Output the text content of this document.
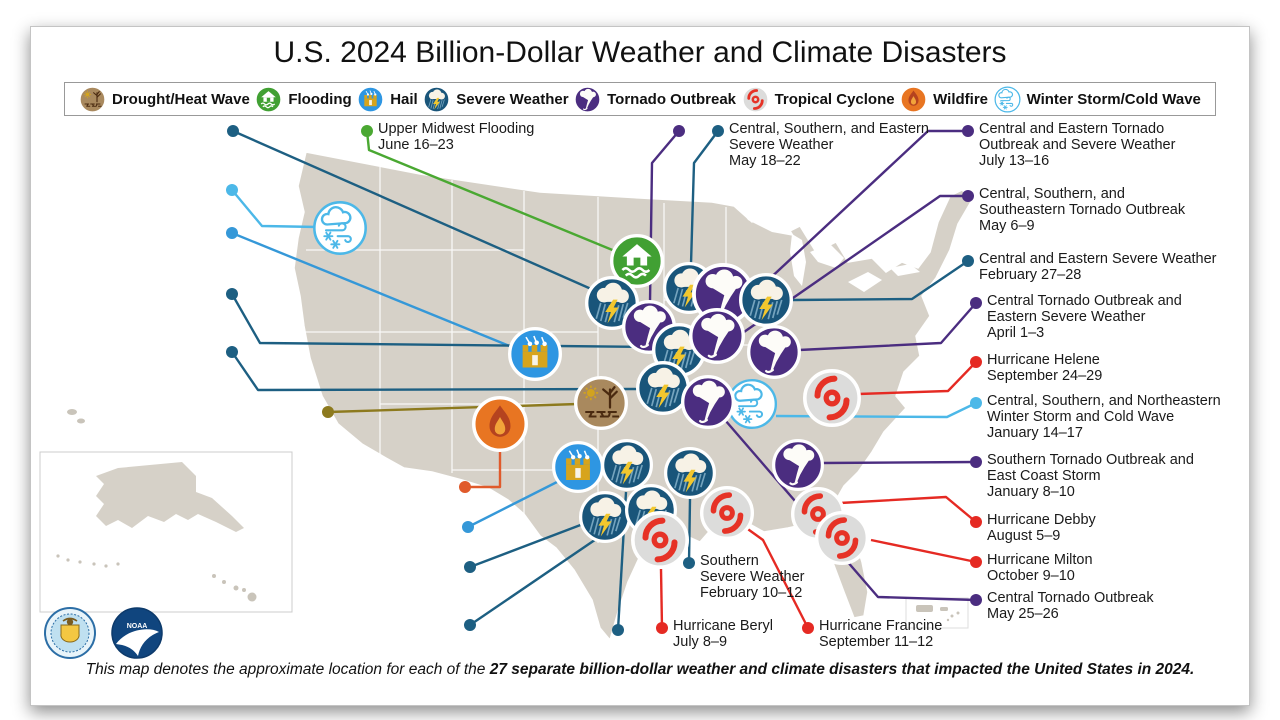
U.S. 2024 Billion-Dollar Weather and Climate Disasters
Drought/Heat Wave	Flooding	Hail	Severe Weather	Tornado Outbreak	Tropical Cyclone	Wildfire	Winter Storm/Cold Wave
NOAA
Southern
Severe Weather
February 10–12
Hurricane Beryl
July 8–9
Hurricane Francine
September 11–12
Upper Midwest Flooding
June 16–23
Central, Southern, and Eastern
Severe Weather
May 18–22
Central and Eastern Tornado
Outbreak and Severe Weather
July 13–16
Central, Southern, and
Southeastern Tornado Outbreak
May 6–9
Central and Eastern Severe Weather
February 27–28
Central Tornado Outbreak and
Eastern Severe Weather
April 1–3
Hurricane Helene
September 24–29
Central, Southern, and Northeastern
Winter Storm and Cold Wave
January 14–17
Southern Tornado Outbreak and
East Coast Storm
January 8–10
Hurricane Debby
August 5–9
Hurricane Milton
October 9–10
Central Tornado Outbreak
May 25–26
This map denotes the approximate location for each of the 27 separate billion-dollar weather and climate disasters that impacted the United States in 2024.
